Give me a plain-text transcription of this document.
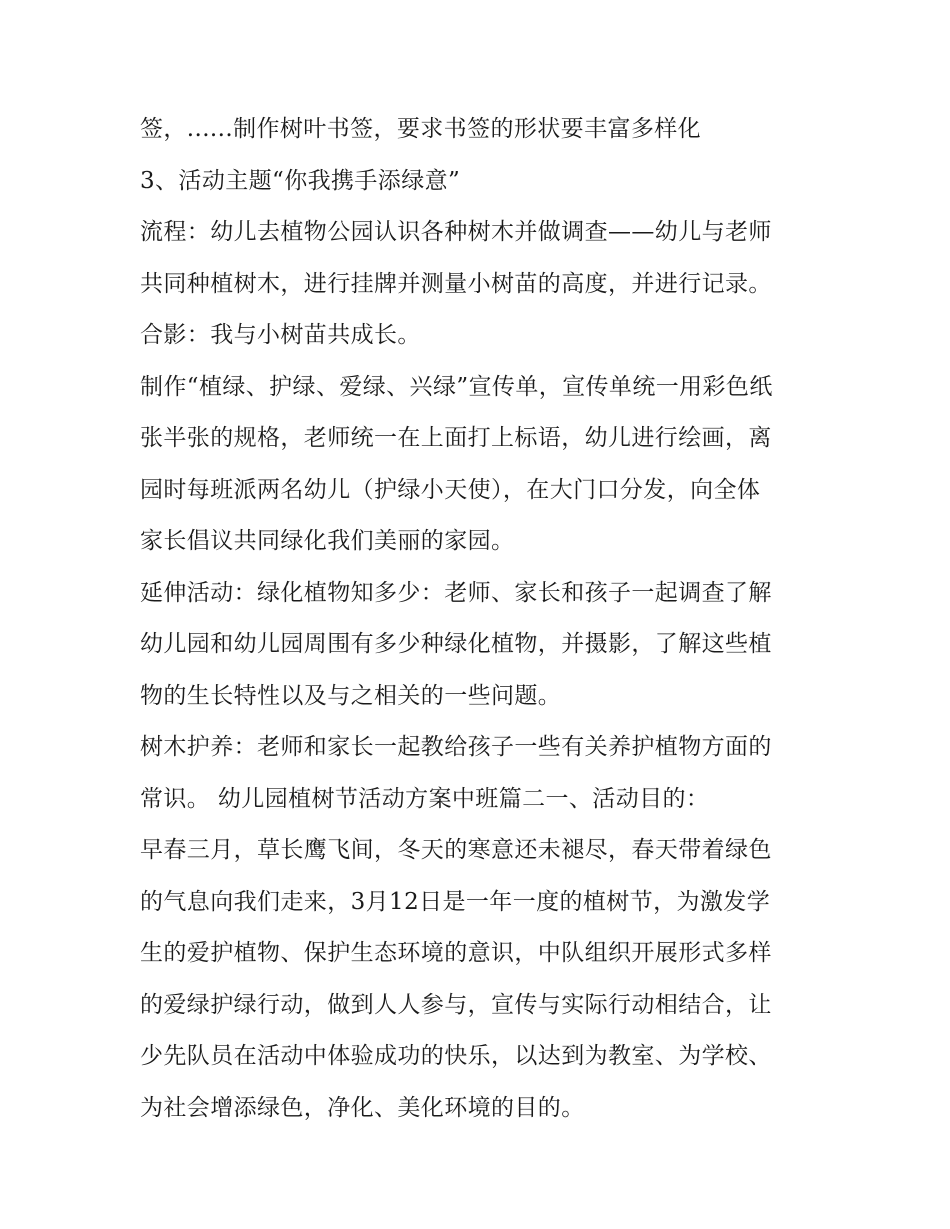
签，......制作树叶书签，要求书签的形状要丰富多样化
3、活动主题“你我携手添绿意”
流程：幼儿去植物公园认识各种树木并做调查——幼儿与老师
共同种植树木，进行挂牌并测量小树苗的高度，并进行记录。
合影：我与小树苗共成长。
制作“植绿、护绿、爱绿、兴绿”宣传单，宣传单统一用彩色纸
张半张的规格，老师统一在上面打上标语，幼儿进行绘画，离
园时每班派两名幼儿（护绿小天使），在大门口分发，向全体
家长倡议共同绿化我们美丽的家园。
延伸活动：绿化植物知多少：老师、家长和孩子一起调查了解
幼儿园和幼儿园周围有多少种绿化植物，并摄影，了解这些植
物的生长特性以及与之相关的一些问题。
树木护养：老师和家长一起教给孩子一些有关养护植物方面的
常识。 幼儿园植树节活动方案中班篇二一、活动目的：
早春三月，草长鹰飞间，冬天的寒意还未褪尽，春天带着绿色
的气息向我们走来，3月12日是一年一度的植树节，为激发学
生的爱护植物、保护生态环境的意识，中队组织开展形式多样
的爱绿护绿行动，做到人人参与，宣传与实际行动相结合，让
少先队员在活动中体验成功的快乐，以达到为教室、为学校、
为社会增添绿色，净化、美化环境的目的。
